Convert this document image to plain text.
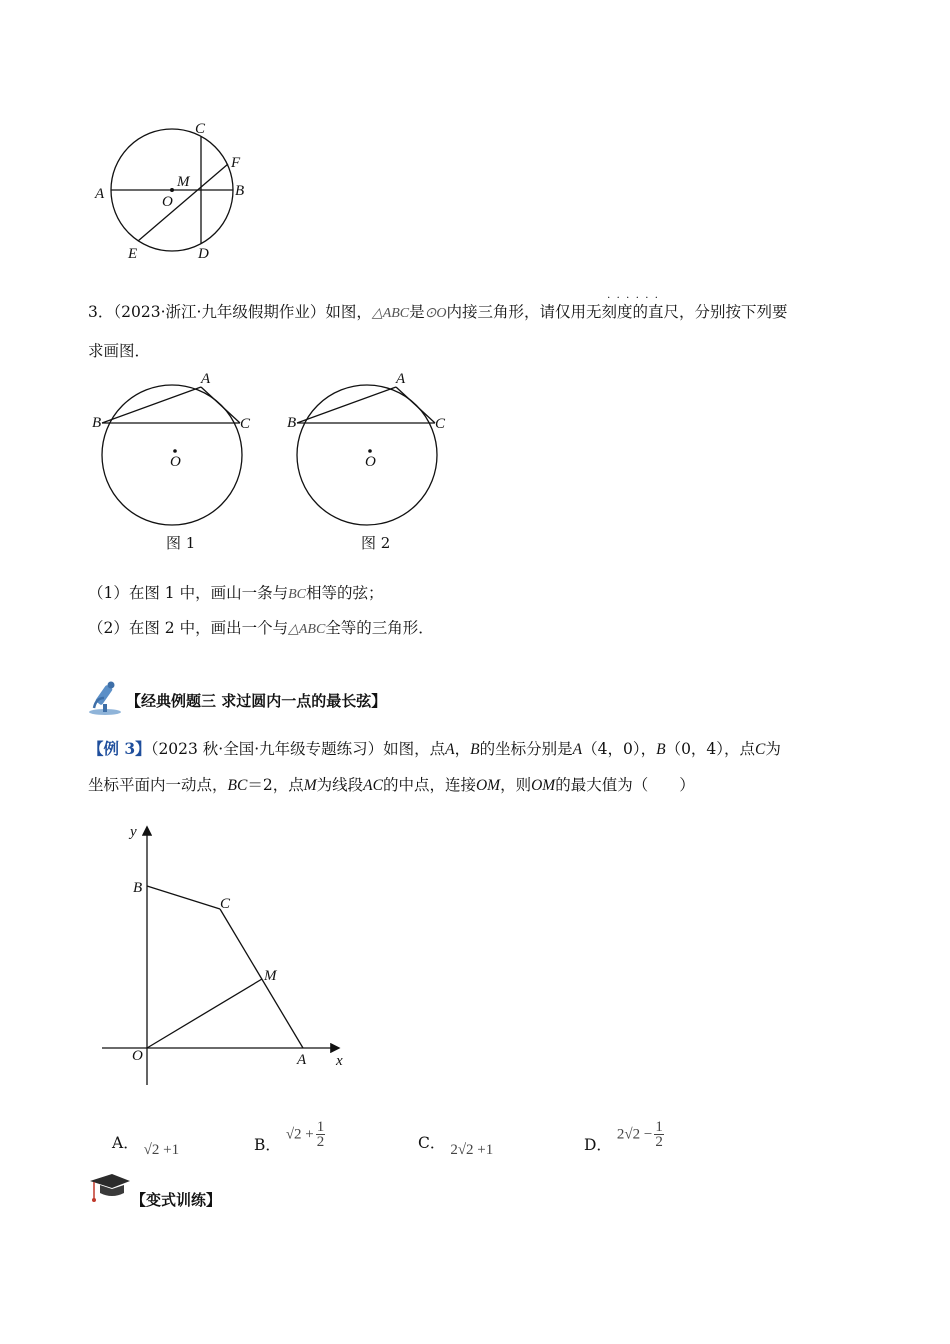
C
F
M
A	O
B
E	D
3．（2023·浙江·九年级假期作业）如图，△ABC是⊙O内接三角形，请仅用
·  ·  ·  ·  ·  ·
无刻度的直尺，分别按下列要
求画图．
A
B	C
O
图 1
A
B	C
O
图 2
（1）在图 1 中，画山一条与BC相等的弦；
（2）在图 2 中，画出一个与△ABC全等的三角形．
【经典例题三 求过圆内一点的最长弦】
【例 3】（2023 秋·全国·九年级专题练习）如图，点A，B的坐标分别是A（4，0），B（0，4），点C为
坐标平面内一动点，BC＝2，点M为线段AC的中点，连接OM，则OM的最大值为（　　）
y
x
B
C
M
O	A
A． √2 +1	B． $√2 + \frac{1}{2}$	C． 2√2 +1	D． $2√2 - \frac{1}{2}$
【变式训练】
